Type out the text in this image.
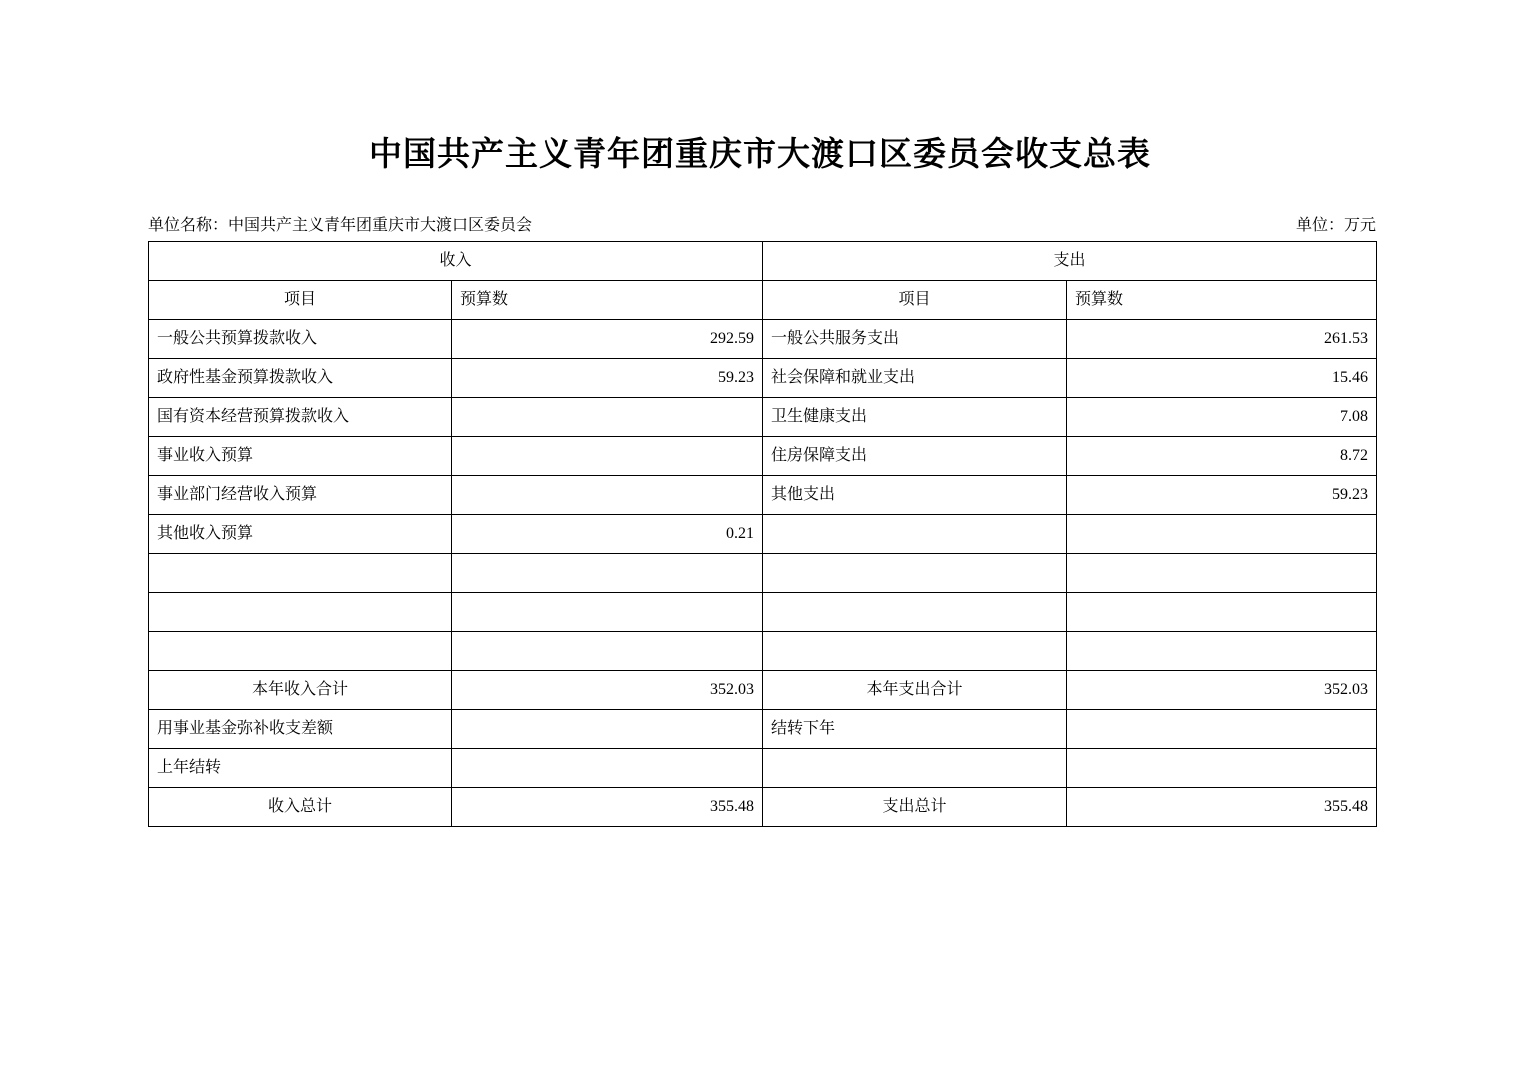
中国共产主义青年团重庆市大渡口区委员会收支总表
单位名称：中国共产主义青年团重庆市大渡口区委员会	单位：万元
收入		支出	
项目	预算数	项目	预算数
一般公共预算拨款收入	292.59	一般公共服务支出	261.53
政府性基金预算拨款收入	59.23	社会保障和就业支出	15.46
国有资本经营预算拨款收入		卫生健康支出	7.08
事业收入预算		住房保障支出	8.72
事业部门经营收入预算		其他支出	59.23
其他收入预算	0.21		

本年收入合计	352.03	本年支出合计	352.03
用事业基金弥补收支差额		结转下年	
上年结转			
收入总计	355.48	支出总计	355.48
